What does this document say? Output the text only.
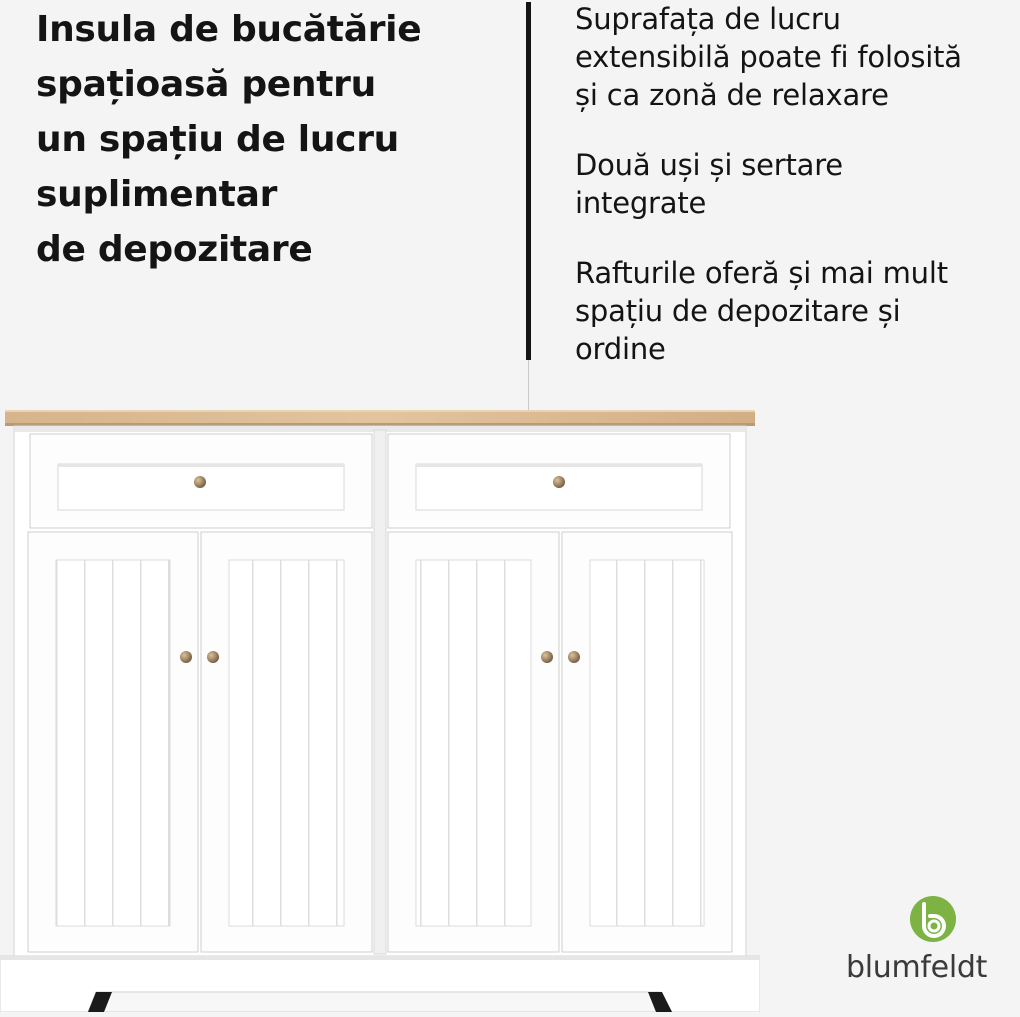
Insula de bucătărie
spațioasă pentru
un spațiu de lucru
suplimentar
de depozitare
Suprafața de lucru
extensibilă poate fi folosită
și ca zonă de relaxare
Două uși și sertare
integrate
Rafturile oferă și mai mult
spațiu de depozitare și
ordine
blumfeldt
